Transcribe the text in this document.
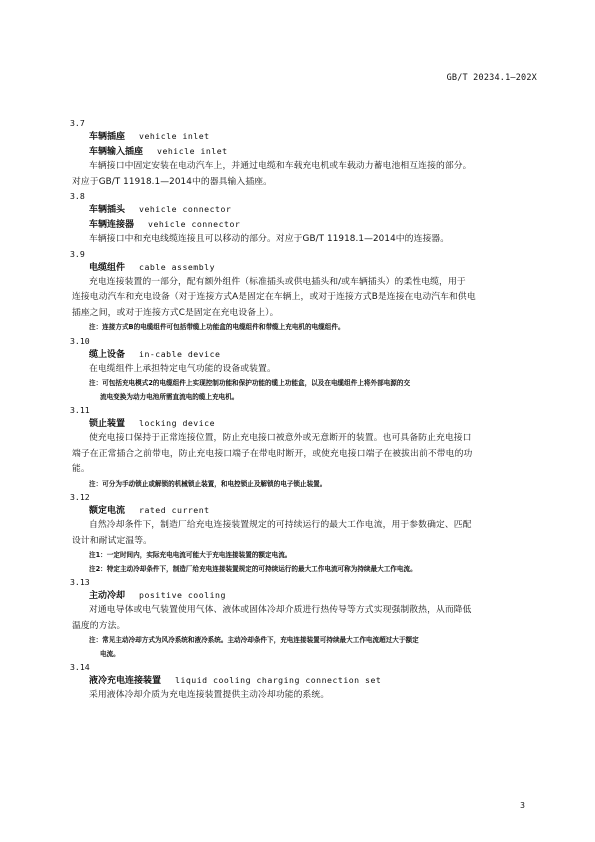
GB/T 20234.1—202X
3.7
车辆插座 vehicle inlet
车辆输入插座 vehicle inlet
车辆接口中固定安装在电动汽车上，并通过电缆和车载充电机或车载动力蓄电池相互连接的部分。
对应于GB/T 11918.1—2014中的器具输入插座。
3.8
车辆插头 vehicle connector
车辆连接器 vehicle connector
车辆接口中和充电线缆连接且可以移动的部分。对应于GB/T 11918.1—2014中的连接器。
3.9
电缆组件 cable assembly
充电连接装置的一部分，配有额外组件（标准插头或供电插头和/或车辆插头）的柔性电缆，用于
连接电动汽车和充电设备（对于连接方式A是固定在车辆上，或对于连接方式B是连接在电动汽车和供电
插座之间，或对于连接方式C是固定在充电设备上）。
注：连接方式B的电缆组件可包括带缆上功能盒的电缆组件和带缆上充电机的电缆组件。
3.10
缆上设备 in-cable device
在电缆组件上承担特定电气功能的设备或装置。
注：可包括充电模式2的电缆组件上实现控制功能和保护功能的缆上功能盒，以及在电缆组件上将外部电源的交
流电变换为动力电池所需直流电的缆上充电机。
3.11
锁止装置 locking device
使充电接口保持于正常连接位置，防止充电接口被意外或无意断开的装置。也可具备防止充电接口
端子在正常插合之前带电，防止充电接口端子在带电时断开，或使充电接口端子在被拔出前不带电的功
能。
注：可分为手动锁止或解锁的机械锁止装置，和电控锁止及解锁的电子锁止装置。
3.12
额定电流 rated current
自然冷却条件下，制造厂给充电连接装置规定的可持续运行的最大工作电流，用于参数确定、匹配
设计和耐试定温等。
注1：一定时间内，实际充电电流可能大于充电连接装置的额定电流。
注2：特定主动冷却条件下，制造厂给充电连接装置规定的可持续运行的最大工作电流可称为持续最大工作电流。
3.13
主动冷却 positive cooling
对通电导体或电气装置使用气体、液体或固体冷却介质进行热传导等方式实现强制散热，从而降低
温度的方法。
注：常见主动冷却方式为风冷系统和液冷系统。主动冷却条件下，充电连接装置可持续最大工作电流超过大于额定
电流。
3.14
液冷充电连接装置 liquid cooling charging connection set
采用液体冷却介质为充电连接装置提供主动冷却功能的系统。
3
